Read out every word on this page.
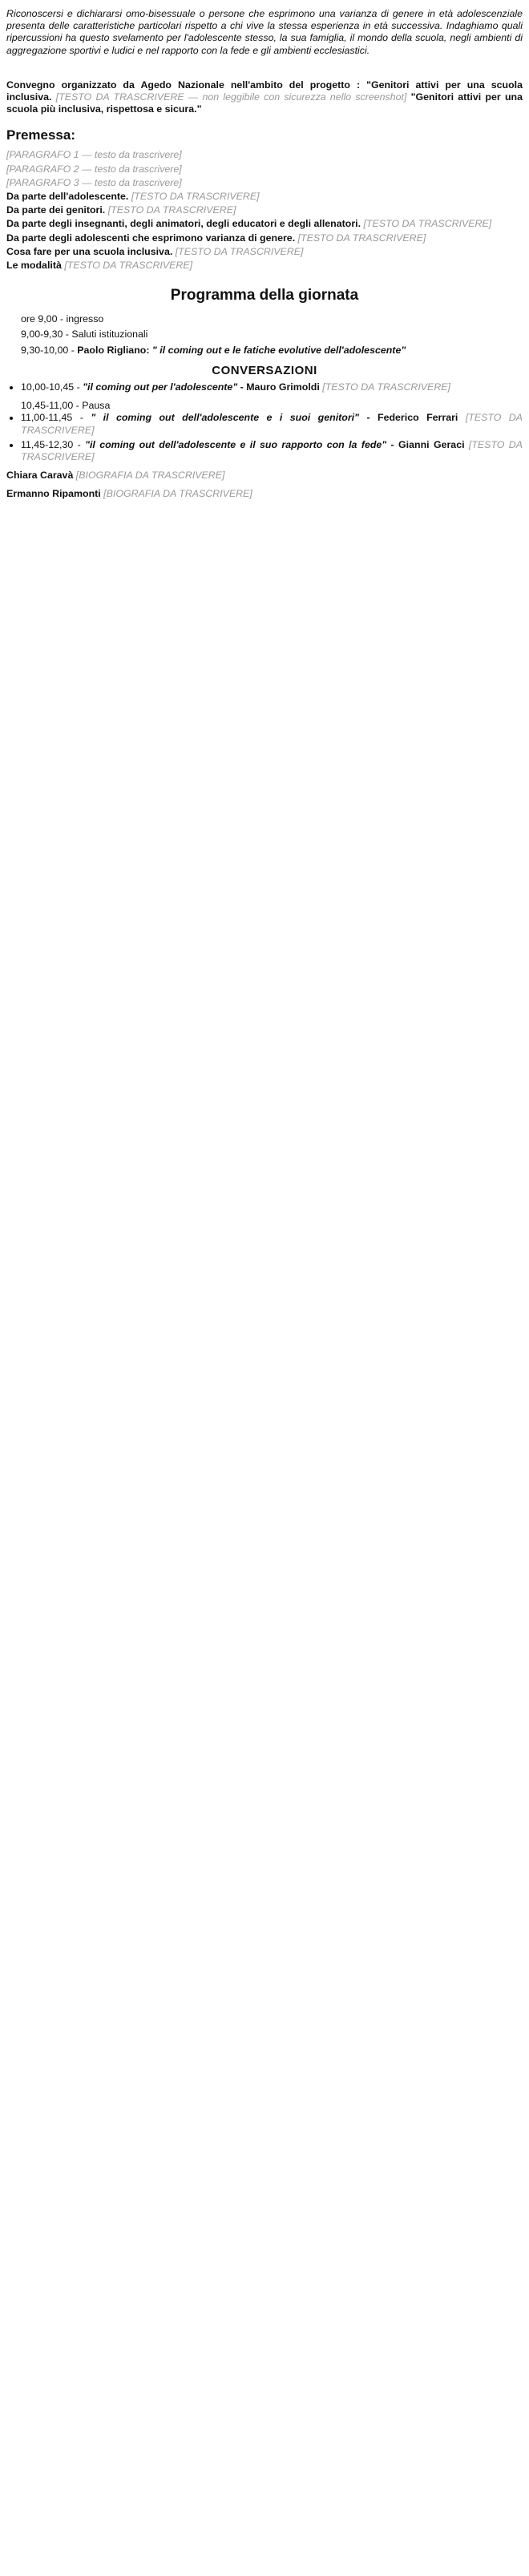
Riconoscersi e dichiararsi omo-bisessuale o persone che esprimono una varianza di genere in età adolescenziale presenta delle caratteristiche particolari rispetto a chi vive la stessa esperienza in età successiva. Indaghiamo quali ripercussioni ha questo svelamento per l'adolescente stesso, la sua famiglia, il mondo della scuola, negli ambienti di aggregazione sportivi e ludici e nel rapporto con la fede e gli ambienti ecclesiastici.

Convegno organizzato da Agedo Nazionale nell'ambito del progetto : "Genitori attivi per una scuola inclusiva. [TESTO DA TRASCRIVERE — non leggibile con sicurezza nello screenshot] "Genitori attivi per una scuola più inclusiva, rispettosa e sicura."

Premessa:

[PARAGRAFO 1 — testo da trascrivere]

[PARAGRAFO 2 — testo da trascrivere]

[PARAGRAFO 3 — testo da trascrivere]

Da parte dell'adolescente. [TESTO DA TRASCRIVERE]

Da parte dei genitori. [TESTO DA TRASCRIVERE]

Da parte degli insegnanti, degli animatori, degli educatori e degli allenatori. [TESTO DA TRASCRIVERE]

Da parte degli adolescenti che esprimono varianza di genere. [TESTO DA TRASCRIVERE]

Cosa fare per una scuola inclusiva. [TESTO DA TRASCRIVERE]

Le modalità [TESTO DA TRASCRIVERE]

Programma della giornata
ore 9,00 - ingresso
9,00-9,30 - Saluti istituzionali
9,30-10,00 - Paolo Rigliano: " il coming out e le fatiche evolutive dell'adolescente"
CONVERSAZIONI
• 10,00-10,45 - "il coming out per l'adolescente" - Mauro Grimoldi [TESTO DA TRASCRIVERE]
10,45-11,00 - Pausa
• 11,00-11,45 - " il coming out dell'adolescente e i suoi genitori" - Federico Ferrari [TESTO DA TRASCRIVERE]
• 11,45-12,30 - "il coming out dell'adolescente e il suo rapporto con la fede" - Gianni Geraci [TESTO DA TRASCRIVERE]

Chiara Caravà [BIOGRAFIA DA TRASCRIVERE]

Ermanno Ripamonti [BIOGRAFIA DA TRASCRIVERE]
